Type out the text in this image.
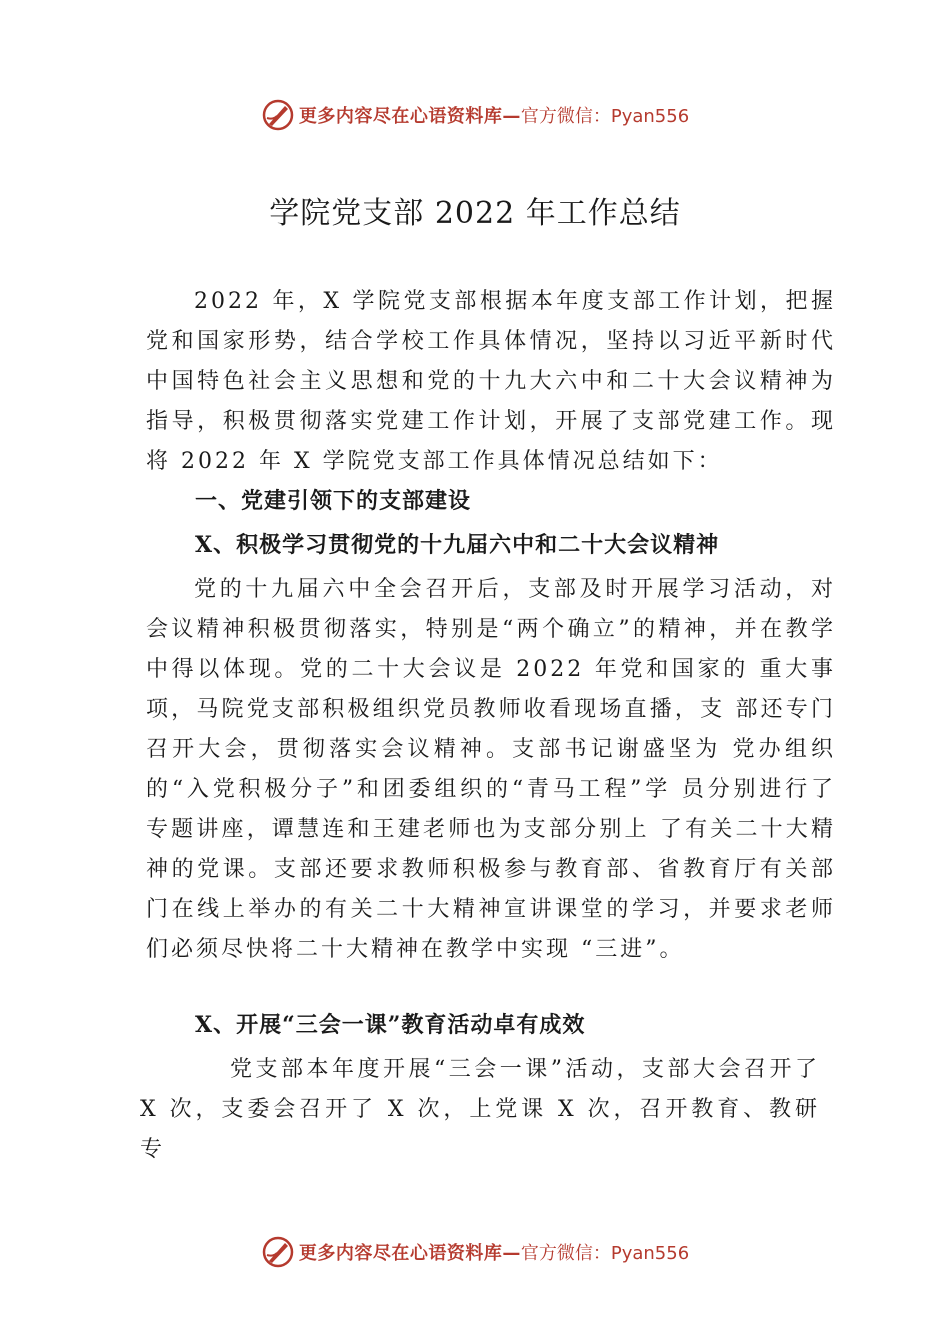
更多内容尽在心语资料库— 官方微信：Pyan556
学院党支部 2022 年工作总结

2022 年，X 学院党支部根据本年度支部工作计划，把握党和国家形势，结合学校工作具体情况，坚持以习近平新时代中国特色社会主义思想和党的十九大六中和二十大会议精神为指导，积极贯彻落实党建工作计划，开展了支部党建工作。现将 2022 年 X 学院党支部工作具体情况总结如下：

一、党建引领下的支部建设
X、积极学习贯彻党的十九届六中和二十大会议精神

党的十九届六中全会召开后，支部及时开展学习活动，对会议精神积极贯彻落实，特别是“两个确立”的精神，并在教学中得以体现。党的二十大会议是 2022 年党和国家的 重大事项，马院党支部积极组织党员教师收看现场直播，支 部还专门召开大会，贯彻落实会议精神。支部书记谢盛坚为 党办组织的“入党积极分子”和团委组织的“青马工程”学 员分别进行了专题讲座，谭慧连和王建老师也为支部分别上 了有关二十大精神的党课。支部还要求教师积极参与教育部、省教育厅有关部门在线上举办的有关二十大精神宣讲课堂的学习，并要求老师们必须尽快将二十大精神在教学中实现 “三进”。

X、开展“三会一课”教育活动卓有成效

党支部本年度开展“三会一课”活动，支部大会召开了 X 次，支委会召开了 X 次，上党课 X 次，召开教育、教研专

更多内容尽在心语资料库— 官方微信：Pyan556
